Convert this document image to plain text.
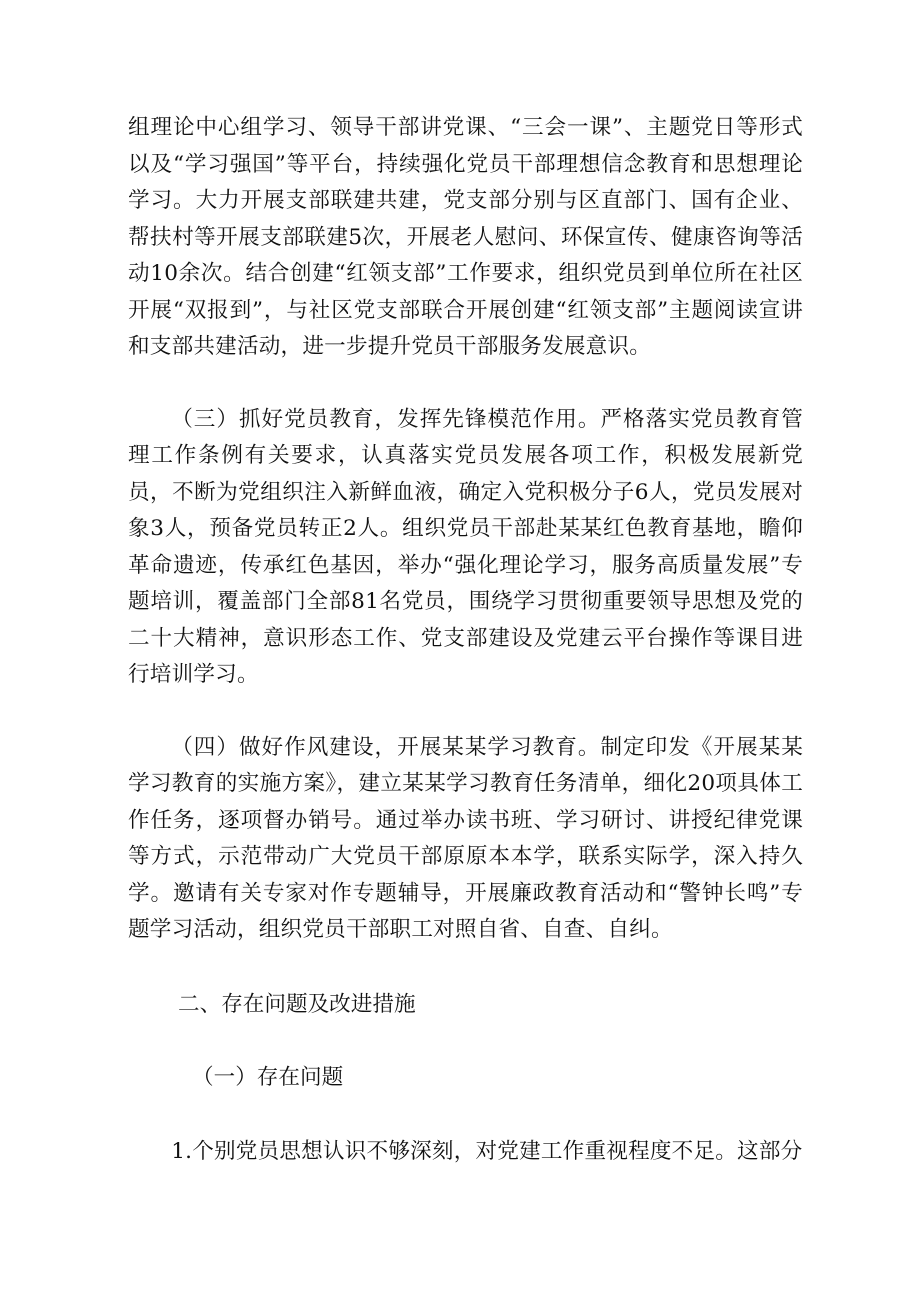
组理论中心组学习、领导干部讲党课、“三会一课”、主题党日等形式以及“学习强国”等平台，持续强化党员干部理想信念教育和思想理论学习。大力开展支部联建共建，党支部分别与区直部门、国有企业、帮扶村等开展支部联建5次，开展老人慰问、环保宣传、健康咨询等活动10余次。结合创建“红领支部”工作要求，组织党员到单位所在社区开展“双报到”，与社区党支部联合开展创建“红领支部”主题阅读宣讲和支部共建活动，进一步提升党员干部服务发展意识。

（三）抓好党员教育，发挥先锋模范作用。严格落实党员教育管理工作条例有关要求，认真落实党员发展各项工作，积极发展新党员，不断为党组织注入新鲜血液，确定入党积极分子6人，党员发展对象3人，预备党员转正2人。组织党员干部赴某某红色教育基地，瞻仰革命遗迹，传承红色基因，举办“强化理论学习，服务高质量发展”专题培训，覆盖部门全部81名党员，围绕学习贯彻重要领导思想及党的二十大精神，意识形态工作、党支部建设及党建云平台操作等课目进行培训学习。

（四）做好作风建设，开展某某学习教育。制定印发《开展某某学习教育的实施方案》，建立某某学习教育任务清单，细化20项具体工作任务，逐项督办销号。通过举办读书班、学习研讨、讲授纪律党课等方式，示范带动广大党员干部原原本本学，联系实际学，深入持久学。邀请有关专家对作专题辅导，开展廉政教育活动和“警钟长鸣”专题学习活动，组织党员干部职工对照自省、自查、自纠。

二、存在问题及改进措施

（一）存在问题

1.个别党员思想认识不够深刻，对党建工作重视程度不足。这部分
